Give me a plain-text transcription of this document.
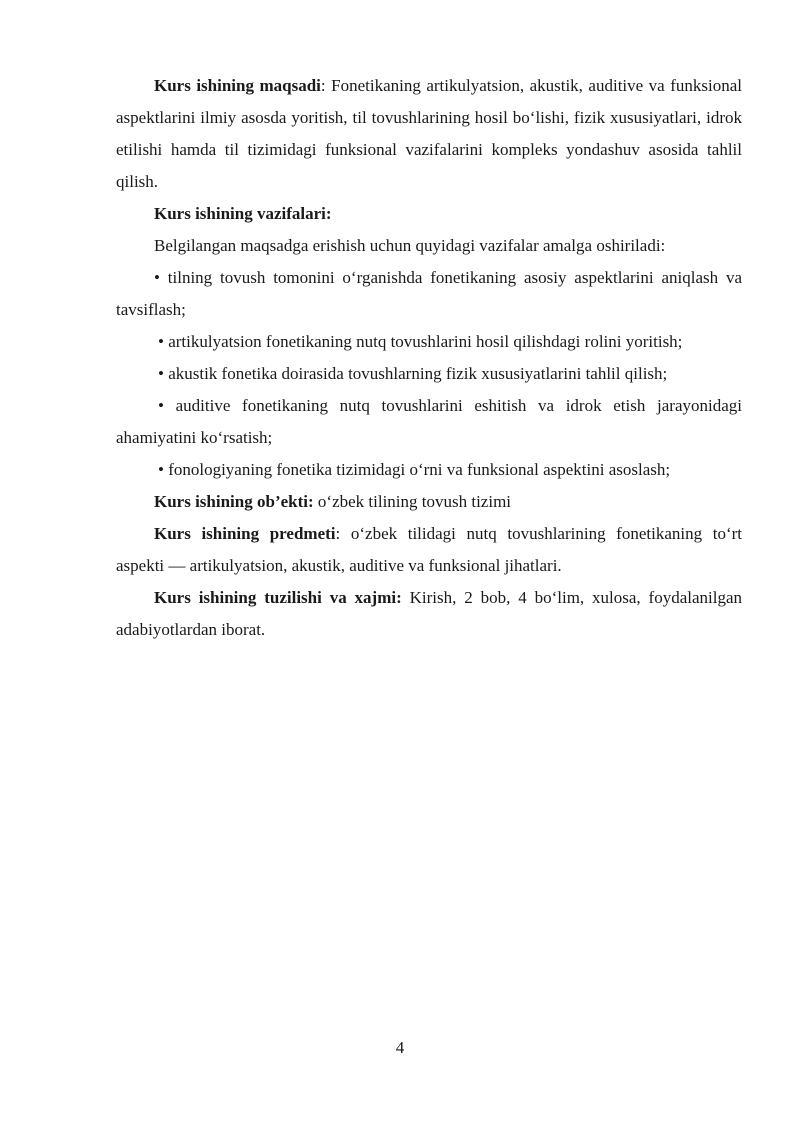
Kurs ishining maqsadi: Fonetikaning artikulyatsion, akustik, auditive va funksional aspektlarini ilmiy asosda yoritish, til tovushlarining hosil bo‘lishi, fizik xususiyatlari, idrok etilishi hamda til tizimidagi funksional vazifalarini kompleks yondashuv asosida tahlil qilish.

Kurs ishining vazifalari:

Belgilangan maqsadga erishish uchun quyidagi vazifalar amalga oshiriladi:

• tilning tovush tomonini o‘rganishda fonetikaning asosiy aspektlarini aniqlash va tavsiflash;

• artikulyatsion fonetikaning nutq tovushlarini hosil qilishdagi rolini yoritish;

• akustik fonetika doirasida tovushlarning fizik xususiyatlarini tahlil qilish;

• auditive fonetikaning nutq tovushlarini eshitish va idrok etish jarayonidagi ahamiyatini ko‘rsatish;

• fonologiyaning fonetika tizimidagi o‘rni va funksional aspektini asoslash;

Kurs ishining ob’ekti: o‘zbek tilining tovush tizimi

Kurs ishining predmeti: o‘zbek tilidagi nutq tovushlarining fonetikaning to‘rt aspekti — artikulyatsion, akustik, auditive va funksional jihatlari.

Kurs ishining tuzilishi va xajmi: Kirish, 2 bob, 4 bo‘lim, xulosa, foydalanilgan adabiyotlardan iborat.

4
